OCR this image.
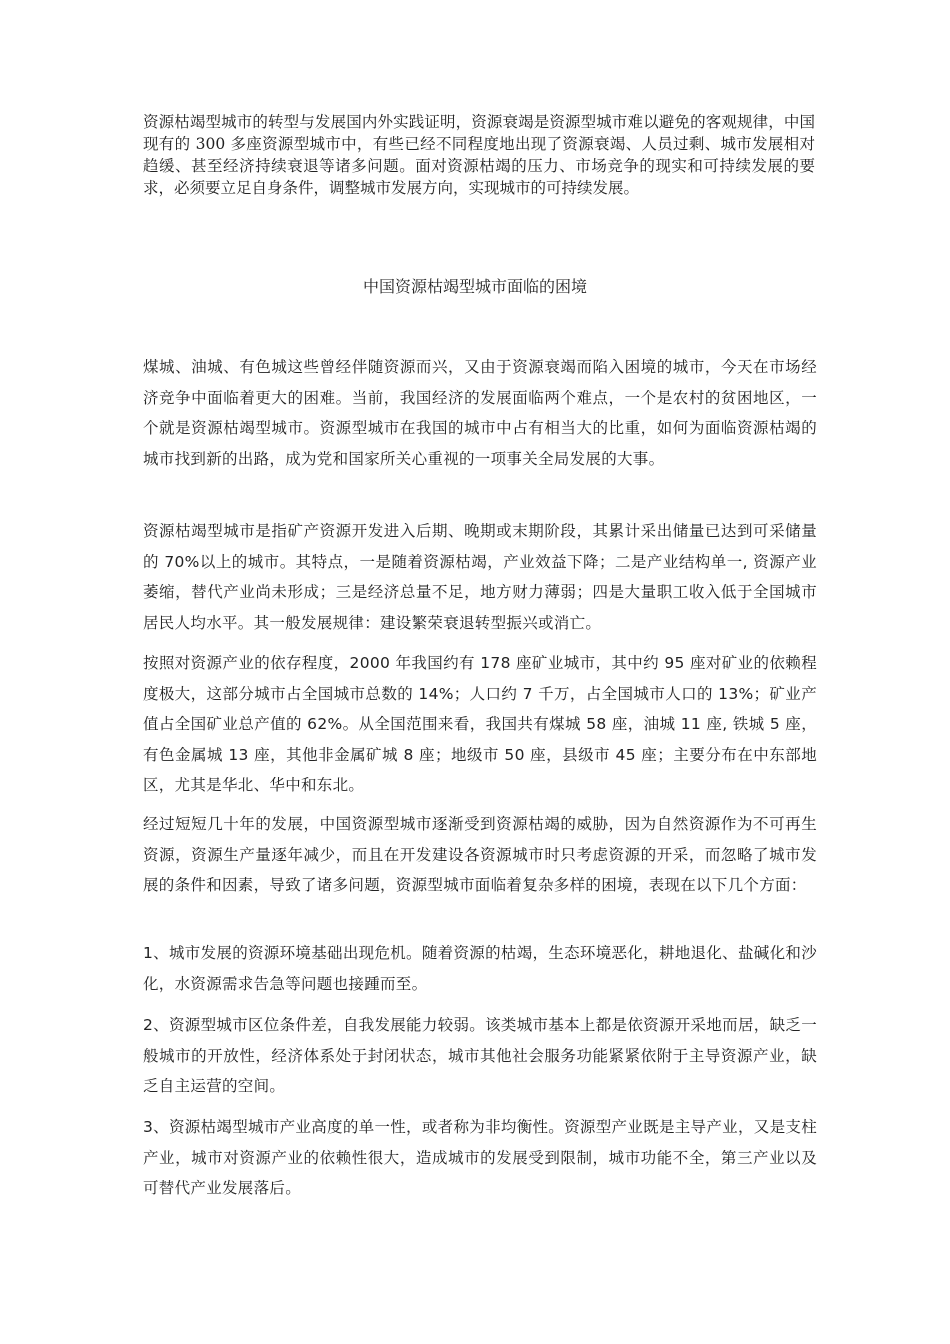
资源枯竭型城市的转型与发展国内外实践证明，资源衰竭是资源型城市难以避免的客观规律，中国现有的 300 多座资源型城市中，有些已经不同程度地出现了资源衰竭、人员过剩、城市发展相对趋缓、甚至经济持续衰退等诸多问题。面对资源枯竭的压力、市场竞争的现实和可持续发展的要求，必须要立足自身条件，调整城市发展方向，实现城市的可持续发展。

中国资源枯竭型城市面临的困境

煤城、油城、有色城这些曾经伴随资源而兴，又由于资源衰竭而陷入困境的城市，今天在市场经济竞争中面临着更大的困难。当前，我国经济的发展面临两个难点，一个是农村的贫困地区，一个就是资源枯竭型城市。资源型城市在我国的城市中占有相当大的比重，如何为面临资源枯竭的城市找到新的出路，成为党和国家所关心重视的一项事关全局发展的大事。

资源枯竭型城市是指矿产资源开发进入后期、晚期或末期阶段，其累计采出储量已达到可采储量的 70%以上的城市。其特点，一是随着资源枯竭，产业效益下降；二是产业结构单一, 资源产业萎缩，替代产业尚未形成；三是经济总量不足，地方财力薄弱；四是大量职工收入低于全国城市居民人均水平。其一般发展规律：建设繁荣衰退转型振兴或消亡。

按照对资源产业的依存程度，2000 年我国约有 178 座矿业城市，其中约 95 座对矿业的依赖程度极大，这部分城市占全国城市总数的 14%；人口约 7 千万，占全国城市人口的 13%；矿业产值占全国矿业总产值的 62%。从全国范围来看，我国共有煤城 58 座，油城 11 座, 铁城 5 座，有色金属城 13 座，其他非金属矿城 8 座；地级市 50 座，县级市 45 座；主要分布在中东部地区，尤其是华北、华中和东北。

经过短短几十年的发展，中国资源型城市逐渐受到资源枯竭的威胁，因为自然资源作为不可再生资源，资源生产量逐年减少，而且在开发建设各资源城市时只考虑资源的开采，而忽略了城市发展的条件和因素，导致了诸多问题，资源型城市面临着复杂多样的困境，表现在以下几个方面：

1、城市发展的资源环境基础出现危机。随着资源的枯竭，生态环境恶化，耕地退化、盐碱化和沙化，水资源需求告急等问题也接踵而至。

2、资源型城市区位条件差，自我发展能力较弱。该类城市基本上都是依资源开采地而居，缺乏一般城市的开放性，经济体系处于封闭状态，城市其他社会服务功能紧紧依附于主导资源产业，缺乏自主运营的空间。

3、资源枯竭型城市产业高度的单一性，或者称为非均衡性。资源型产业既是主导产业，又是支柱产业，城市对资源产业的依赖性很大，造成城市的发展受到限制，城市功能不全，第三产业以及可替代产业发展落后。
